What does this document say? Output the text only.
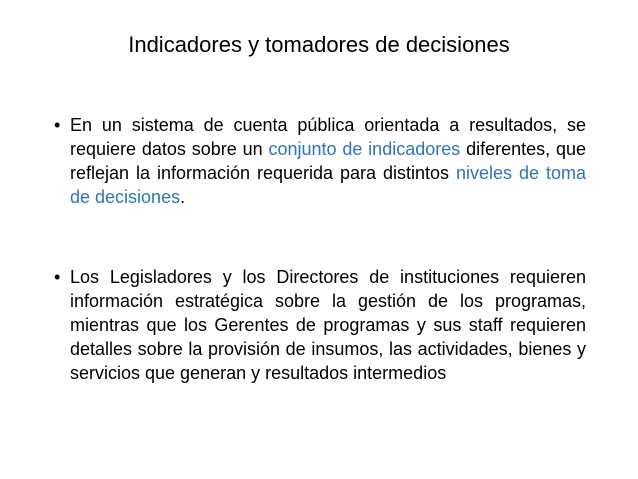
Indicadores y tomadores de decisiones
• En un sistema de cuenta pública orientada a resultados, se requiere datos sobre un conjunto de indicadores diferentes, que reflejan la información requerida para distintos niveles de toma de decisiones.
• Los Legisladores y los Directores de instituciones requieren información estratégica sobre la gestión de los programas, mientras que los Gerentes de programas y sus staff requieren detalles sobre la provisión de insumos, las actividades, bienes y servicios que generan y resultados intermedios
